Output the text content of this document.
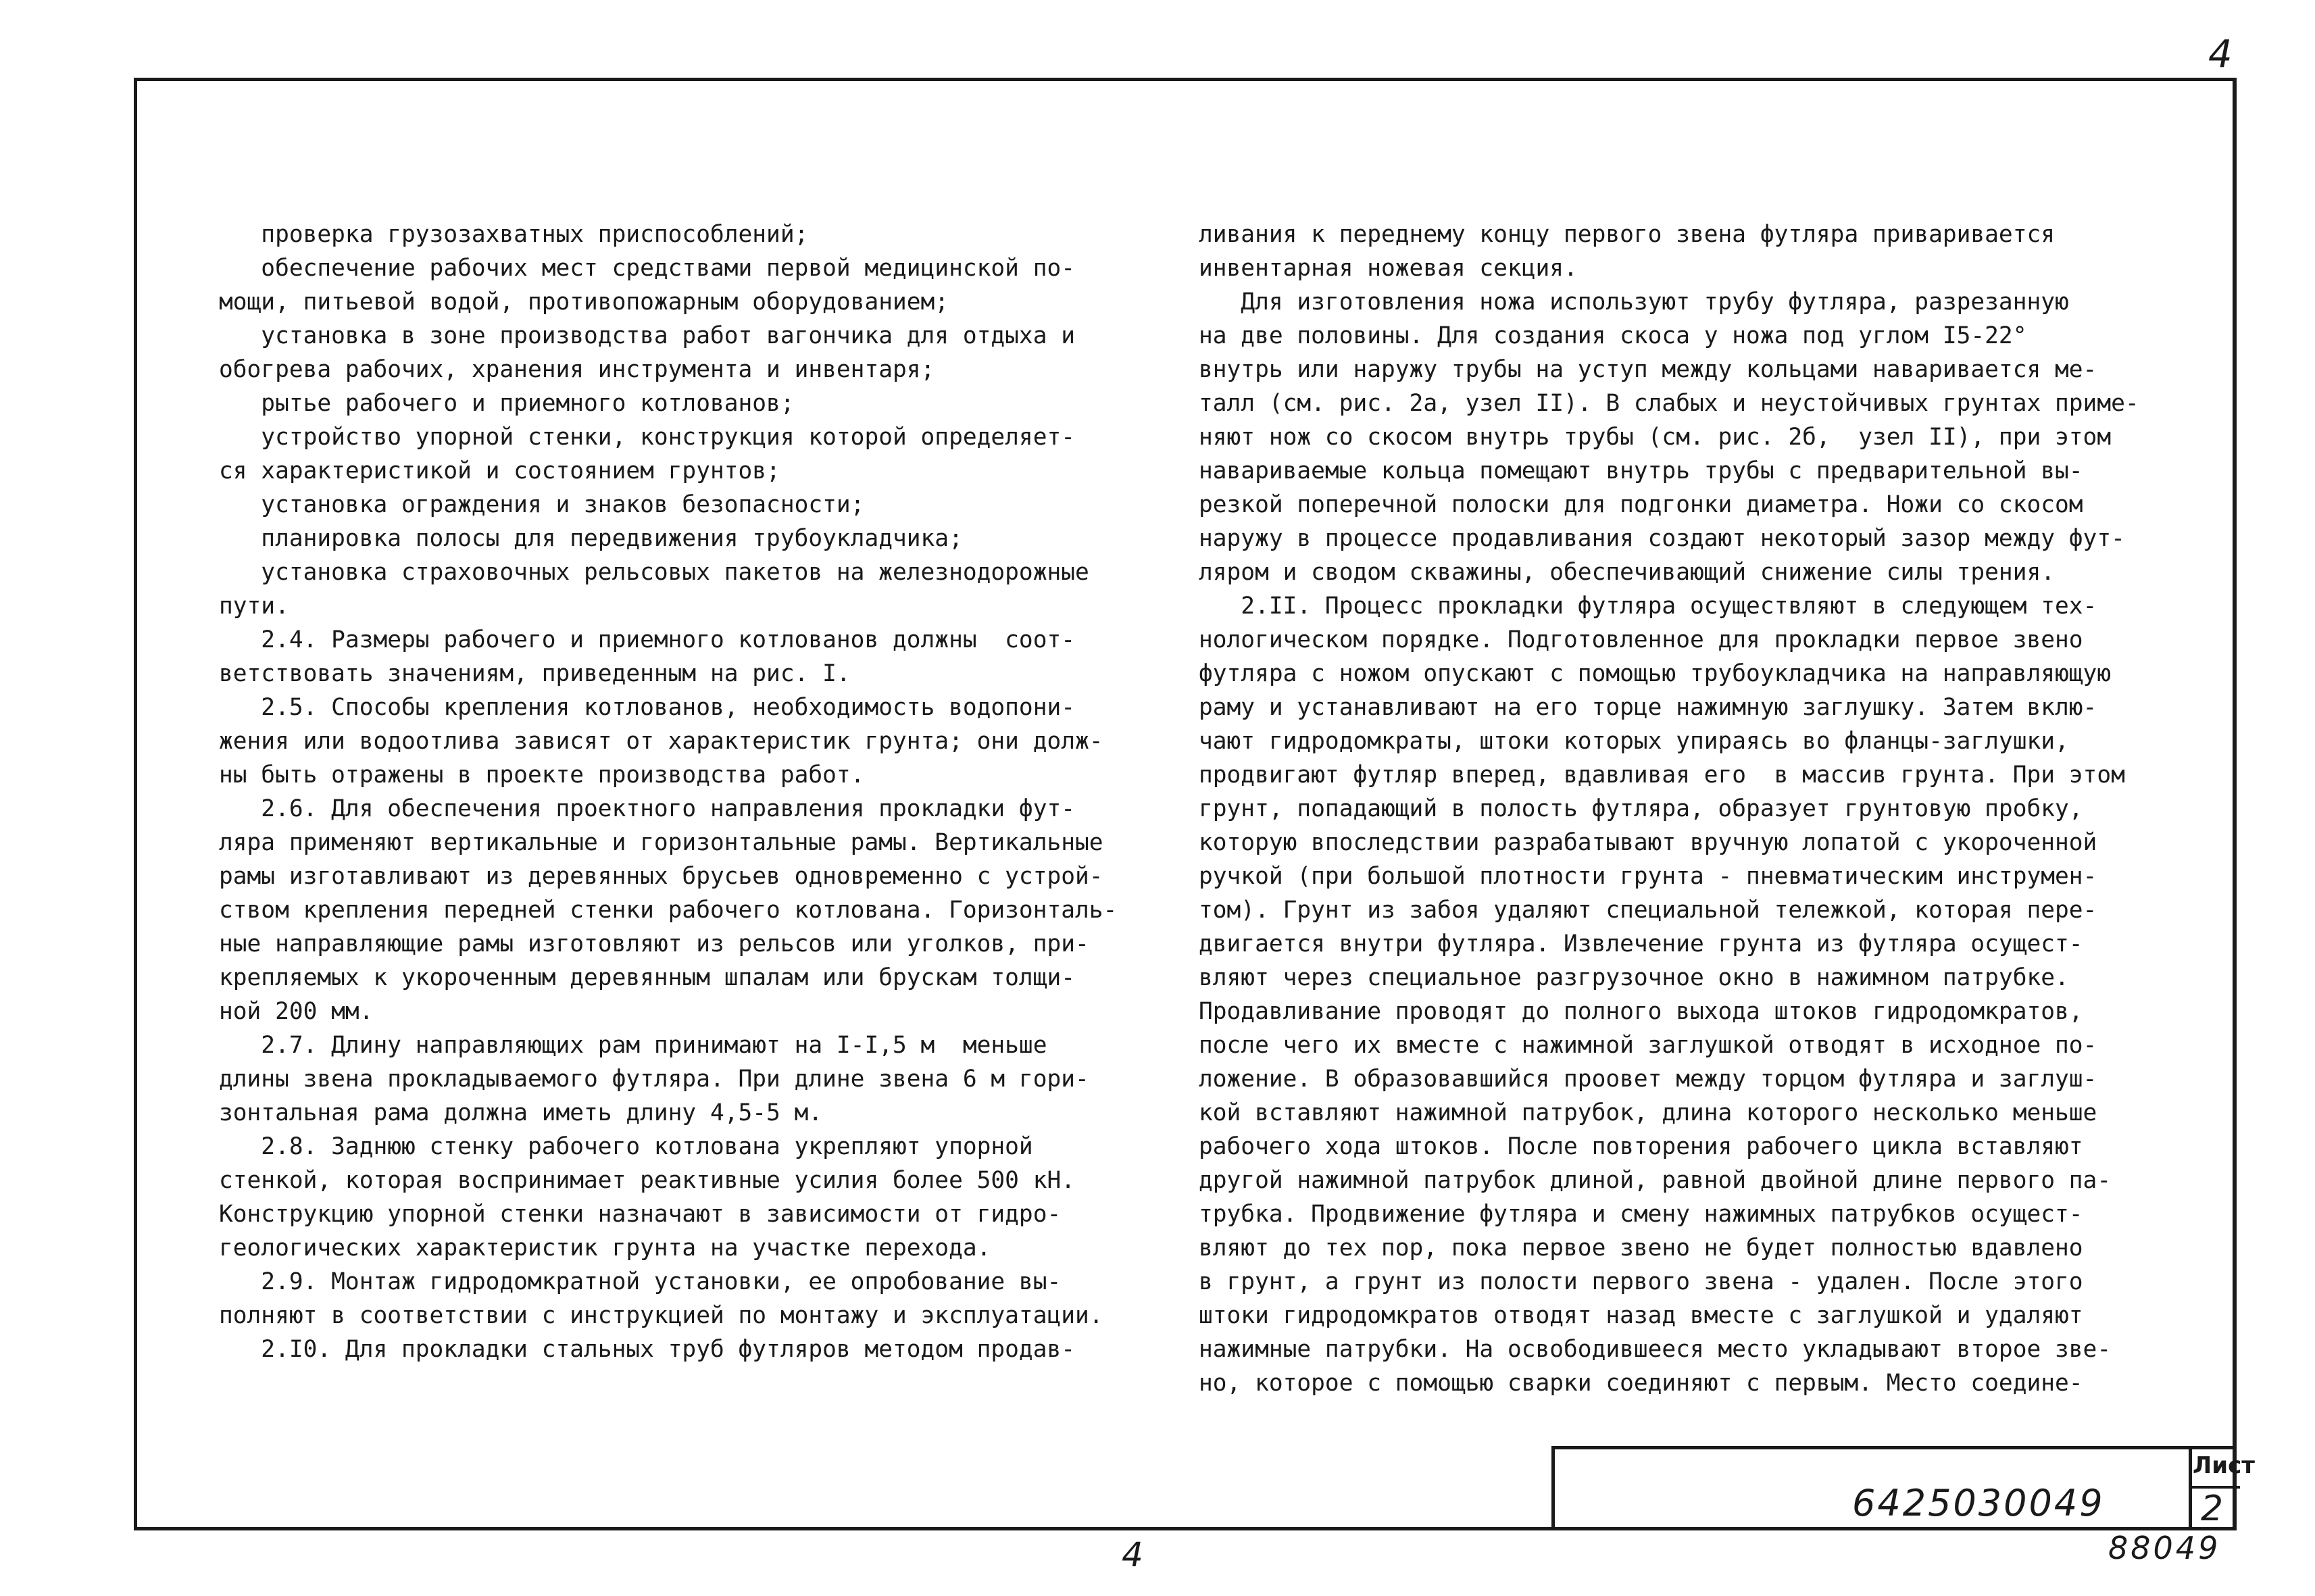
4

проверка грузозахватных приспособлений;

обеспечение рабочих мест средствами первой медицинской по-

мощи, питьевой водой, противопожарным оборудованием;

установка в зоне производства работ вагончика для отдыха и

обогрева рабочих, хранения инструмента и инвентаря;

рытье рабочего и приемного котлованов;

устройство упорной стенки, конструкция которой определяет-

ся характеристикой и состоянием грунтов;

установка ограждения и знаков безопасности;

планировка полосы для передвижения трубоукладчика;

установка страховочных рельсовых пакетов на железнодорожные

пути.

2.4. Размеры рабочего и приемного котлованов должны  соот-

ветствовать значениям, приведенным на рис. I.

2.5. Способы крепления котлованов, необходимость водопони-

жения или водоотлива зависят от характеристик грунта; они долж-

ны быть отражены в проекте производства работ.

2.6. Для обеспечения проектного направления прокладки фут-

ляра применяют вертикальные и горизонтальные рамы. Вертикальные

рамы изготавливают из деревянных брусьев одновременно с устрой-

ством крепления передней стенки рабочего котлована. Горизонталь-

ные направляющие рамы изготовляют из рельсов или уголков, при-

крепляемых к укороченным деревянным шпалам или брускам толщи-

ной 200 мм.

2.7. Длину направляющих рам принимают на I-I,5 м  меньше

длины звена прокладываемого футляра. При длине звена 6 м гори-

зонтальная рама должна иметь длину 4,5-5 м.

2.8. Заднюю стенку рабочего котлована укрепляют упорной

стенкой, которая воспринимает реактивные усилия более 500 кН.

Конструкцию упорной стенки назначают в зависимости от гидро-

геологических характеристик грунта на участке перехода.

2.9. Монтаж гидродомкратной установки, ее опробование вы-

полняют в соответствии с инструкцией по монтажу и эксплуатации.

2.I0. Для прокладки стальных труб футляров методом продав-

ливания к переднему концу первого звена футляра приваривается

инвентарная ножевая секция.

Для изготовления ножа используют трубу футляра, разрезанную

на две половины. Для создания скоса у ножа под углом I5-22°

внутрь или наружу трубы на уступ между кольцами наваривается ме-

талл (см. рис. 2а, узел II). В слабых и неустойчивых грунтах приме-

няют нож со скосом внутрь трубы (см. рис. 2б,  узел II), при этом

навариваемые кольца помещают внутрь трубы с предварительной вы-

резкой поперечной полоски для подгонки диаметра. Ножи со скосом

наружу в процессе продавливания создают некоторый зазор между фут-

ляром и сводом скважины, обеспечивающий снижение силы трения.

2.II. Процесс прокладки футляра осуществляют в следующем тех-

нологическом порядке. Подготовленное для прокладки первое звено

футляра с ножом опускают с помощью трубоукладчика на направляющую

раму и устанавливают на его торце нажимную заглушку. Затем вклю-

чают гидродомкраты, штоки которых упираясь во фланцы-заглушки,

продвигают футляр вперед, вдавливая его  в массив грунта. При этом

грунт, попадающий в полость футляра, образует грунтовую пробку,

которую впоследствии разрабатывают вручную лопатой с укороченной

ручкой (при большой плотности грунта - пневматическим инструмен-

том). Грунт из забоя удаляют специальной тележкой, которая пере-

двигается внутри футляра. Извлечение грунта из футляра осущест-

вляют через специальное разгрузочное окно в нажимном патрубке.

Продавливание проводят до полного выхода штоков гидродомкратов,

после чего их вместе с нажимной заглушкой отводят в исходное по-

ложение. В образовавшийся проовет между торцом футляра и заглуш-

кой вставляют нажимной патрубок, длина которого несколько меньше

рабочего хода штоков. После повторения рабочего цикла вставляют

другой нажимной патрубок длиной, равной двойной длине первого па-

трубка. Продвижение футляра и смену нажимных патрубков осущест-

вляют до тех пор, пока первое звено не будет полностью вдавлено

в грунт, а грунт из полости первого звена - удален. После этого

штоки гидродомкратов отводят назад вместе с заглушкой и удаляют

нажимные патрубки. На освободившееся место укладывают второе зве-

но, которое с помощью сварки соединяют с первым. Место соедине-

6425030049
Лист
2
4	88049
